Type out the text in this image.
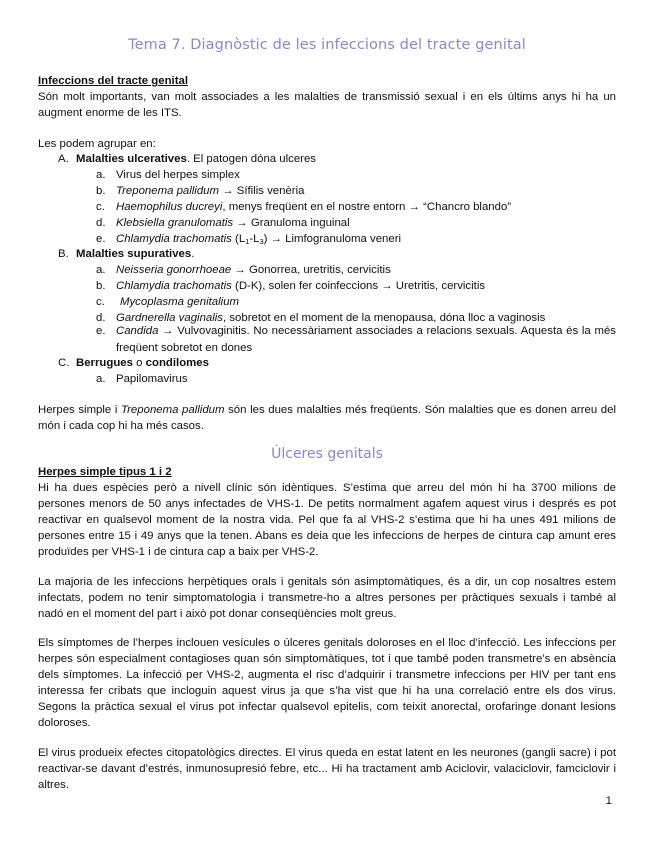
Tema 7. Diagnòstic de les infeccions del tracte genital
Infeccions del tracte genital
Són molt importants, van molt associades a les malalties de transmissió sexual i en els últims anys hi ha un augment enorme de les ITS.
Les podem agrupar en:
A. Malalties ulceratives. El patogen dóna ulceres
a. Virus del herpes simplex
b. Treponema pallidum → Sífilis venèria
c. Haemophilus ducreyi, menys freqüent en el nostre entorn → “Chancro blando”
d. Klebsiella granulomatis → Granuloma inguinal
e. Chlamydia trachomatis $(L_1-L_3)$ → Limfogranuloma veneri
B. Malalties supuratives.
a. Neisseria gonorrhoeae → Gonorrea, uretritis, cervicitis
b. Chlamydia trachomatis (D-K), solen fer coinfeccions → Uretritis, cervicitis
c. Mycoplasma genitalium
d. Gardnerella vaginalis, sobretot en el moment de la menopausa, dóna lloc a vaginosis
e. Candida → Vulvovaginitis. No necessàriament associades a relacions sexuals. Aquesta és la més freqüent sobretot en dones
C. Berrugues o condilomes
a. Papilomavirus
Herpes simple i Treponema pallidum són les dues malalties més freqüents. Són malalties que es donen arreu del món i cada cop hi ha més casos.
Úlceres genitals
Herpes simple tipus 1 i 2
Hi ha dues espècies però a nivell clínic són idèntiques. S’estima que arreu del món hi ha 3700 milions de persones menors de 50 anys infectades de VHS-1. De petits normalment agafem aquest virus i després es pot reactivar en qualsevol moment de la nostra vida. Pel que fa al VHS-2 s’estima que hi ha unes 491 milions de persones entre 15 i 49 anys que la tenen. Abans es deia que les infeccions de herpes de cintura cap amunt eres produïdes per VHS-1 i de cintura cap a baix per VHS-2.
La majoria de les infeccions herpètiques orals i genitals són asimptomàtiques, és a dir, un cop nosaltres estem infectats, podem no tenir simptomatologia i transmetre-ho a altres persones per pràctiques sexuals i també al nadó en el moment del part i això pot donar conseqüències molt greus.
Els símptomes de l’herpes inclouen vesícules o úlceres genitals doloroses en el lloc d’infecció. Les infeccions per herpes són especialment contagioses quan són simptomàtiques, tot i que també poden transmetre’s en absència dels símptomes. La infecció per VHS-2, augmenta el risc d’adquirir i transmetre infeccions per HIV per tant ens interessa fer cribats que incloguin aquest virus ja que s’ha vist que hi ha una correlació entre els dos virus. Segons la pràctica sexual el virus pot infectar qualsevol epitelis, com teixit anorectal, orofaringe donant lesions doloroses.
El virus produeix efectes citopatològics directes. El virus queda en estat latent en les neurones (gangli sacre) i pot reactivar-se davant d’estrés, inmunosupresió febre, etc... Hi ha tractament amb Aciclovir, valaciclovir, famciclovir i altres.
1
